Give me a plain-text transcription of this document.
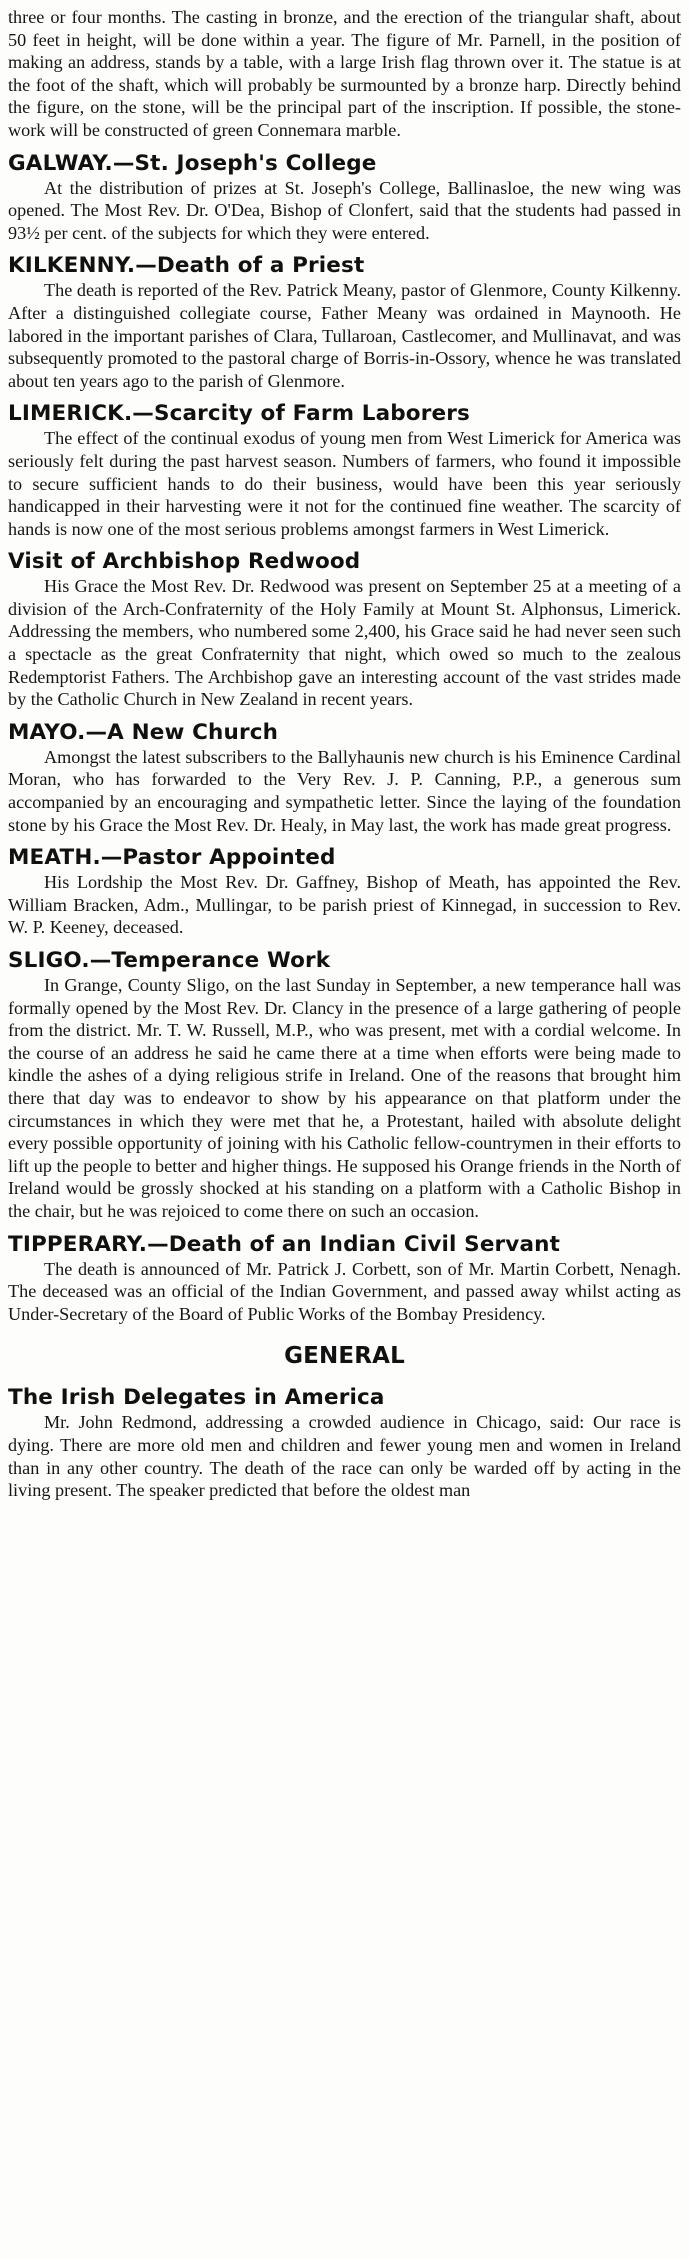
three or four months. The casting in bronze, and the erection of the triangular shaft, about 50 feet in height, will be done within a year. The figure of Mr. Parnell, in the position of making an address, stands by a table, with a large Irish flag thrown over it. The statue is at the foot of the shaft, which will probably be surmounted by a bronze harp. Directly behind the figure, on the stone, will be the principal part of the inscription. If possible, the stone-work will be constructed of green Connemara marble.

GALWAY.—St. Joseph's College

At the distribution of prizes at St. Joseph's College, Ballinasloe, the new wing was opened. The Most Rev. Dr. O'Dea, Bishop of Clonfert, said that the students had passed in 93½ per cent. of the subjects for which they were entered.

KILKENNY.—Death of a Priest

The death is reported of the Rev. Patrick Meany, pastor of Glenmore, County Kilkenny. After a distinguished collegiate course, Father Meany was ordained in Maynooth. He labored in the important parishes of Clara, Tullaroan, Castlecomer, and Mullinavat, and was subsequently promoted to the pastoral charge of Borris-in-Ossory, whence he was translated about ten years ago to the parish of Glenmore.

LIMERICK.—Scarcity of Farm Laborers

The effect of the continual exodus of young men from West Limerick for America was seriously felt during the past harvest season. Numbers of farmers, who found it impossible to secure sufficient hands to do their business, would have been this year seriously handicapped in their harvesting were it not for the continued fine weather. The scarcity of hands is now one of the most serious problems amongst farmers in West Limerick.

Visit of Archbishop Redwood

His Grace the Most Rev. Dr. Redwood was present on September 25 at a meeting of a division of the Arch-Confraternity of the Holy Family at Mount St. Alphonsus, Limerick. Addressing the members, who numbered some 2,400, his Grace said he had never seen such a spectacle as the great Confraternity that night, which owed so much to the zealous Redemptorist Fathers. The Archbishop gave an interesting account of the vast strides made by the Catholic Church in New Zealand in recent years.

MAYO.—A New Church

Amongst the latest subscribers to the Ballyhaunis new church is his Eminence Cardinal Moran, who has forwarded to the Very Rev. J. P. Canning, P.P., a generous sum accompanied by an encouraging and sympathetic letter. Since the laying of the foundation stone by his Grace the Most Rev. Dr. Healy, in May last, the work has made great progress.

MEATH.—Pastor Appointed

His Lordship the Most Rev. Dr. Gaffney, Bishop of Meath, has appointed the Rev. William Bracken, Adm., Mullingar, to be parish priest of Kinnegad, in succession to Rev. W. P. Keeney, deceased.

SLIGO.—Temperance Work

In Grange, County Sligo, on the last Sunday in September, a new temperance hall was formally opened by the Most Rev. Dr. Clancy in the presence of a large gathering of people from the district. Mr. T. W. Russell, M.P., who was present, met with a cordial welcome. In the course of an address he said he came there at a time when efforts were being made to kindle the ashes of a dying religious strife in Ireland. One of the reasons that brought him there that day was to endeavor to show by his appearance on that platform under the circumstances in which they were met that he, a Protestant, hailed with absolute delight every possible opportunity of joining with his Catholic fellow-countrymen in their efforts to lift up the people to better and higher things. He supposed his Orange friends in the North of Ireland would be grossly shocked at his standing on a platform with a Catholic Bishop in the chair, but he was rejoiced to come there on such an occasion.

TIPPERARY.—Death of an Indian Civil Servant

The death is announced of Mr. Patrick J. Corbett, son of Mr. Martin Corbett, Nenagh. The deceased was an official of the Indian Government, and passed away whilst acting as Under-Secretary of the Board of Public Works of the Bombay Presidency.

GENERAL
The Irish Delegates in America

Mr. John Redmond, addressing a crowded audience in Chicago, said: Our race is dying. There are more old men and children and fewer young men and women in Ireland than in any other country. The death of the race can only be warded off by acting in the living present. The speaker predicted that before the oldest man
